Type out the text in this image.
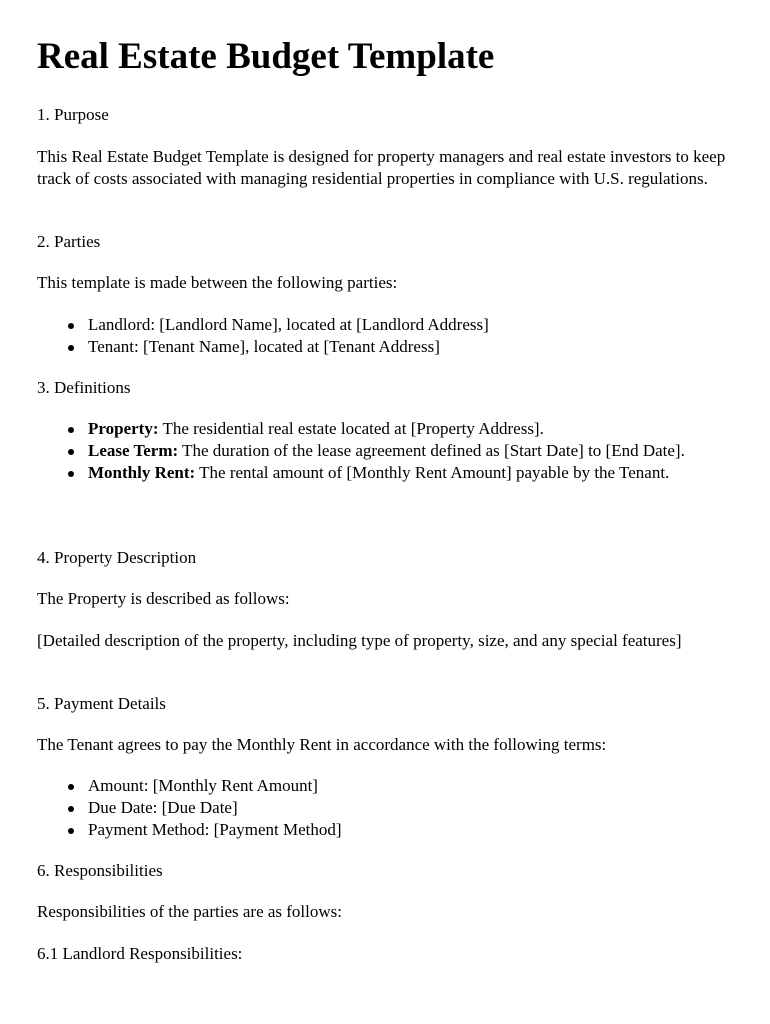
Real Estate Budget Template

1. Purpose

This Real Estate Budget Template is designed for property managers and real estate investors to keep track of costs associated with managing residential properties in compliance with U.S. regulations.

2. Parties

This template is made between the following parties:

Landlord: [Landlord Name], located at [Landlord Address]
Tenant: [Tenant Name], located at [Tenant Address]

3. Definitions

Property: The residential real estate located at [Property Address].
Lease Term: The duration of the lease agreement defined as [Start Date] to [End Date].
Monthly Rent: The rental amount of [Monthly Rent Amount] payable by the Tenant.

4. Property Description

The Property is described as follows:

[Detailed description of the property, including type of property, size, and any special features]

5. Payment Details

The Tenant agrees to pay the Monthly Rent in accordance with the following terms:

Amount: [Monthly Rent Amount]
Due Date: [Due Date]
Payment Method: [Payment Method]

6. Responsibilities

Responsibilities of the parties are as follows:

6.1 Landlord Responsibilities:
